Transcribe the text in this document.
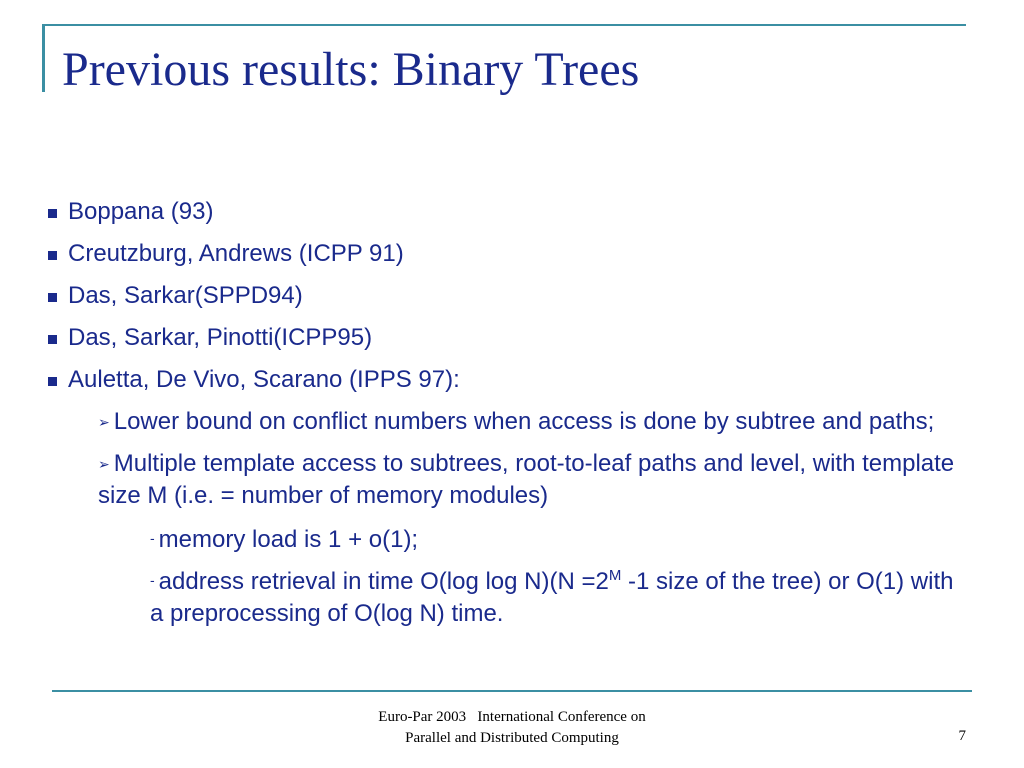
Previous results: Binary Trees
Boppana (93)
Creutzburg, Andrews (ICPP 91)
Das, Sarkar(SPPD94)
Das, Sarkar, Pinotti(ICPP95)
Auletta, De Vivo, Scarano (IPPS 97):
➢ Lower bound on conflict numbers when access is done by subtree and paths;
➢ Multiple template access to subtrees, root-to-leaf paths and level, with template size M (i.e. = number of memory modules)
- memory load is 1 + o(1);
- address retrieval in time O(log $\log N)(N =2^M$ -1 size of the tree) or O(1) with a preprocessing of O(log N) time.
Euro-Par 2003   International Conference on
Parallel and Distributed Computing	7
